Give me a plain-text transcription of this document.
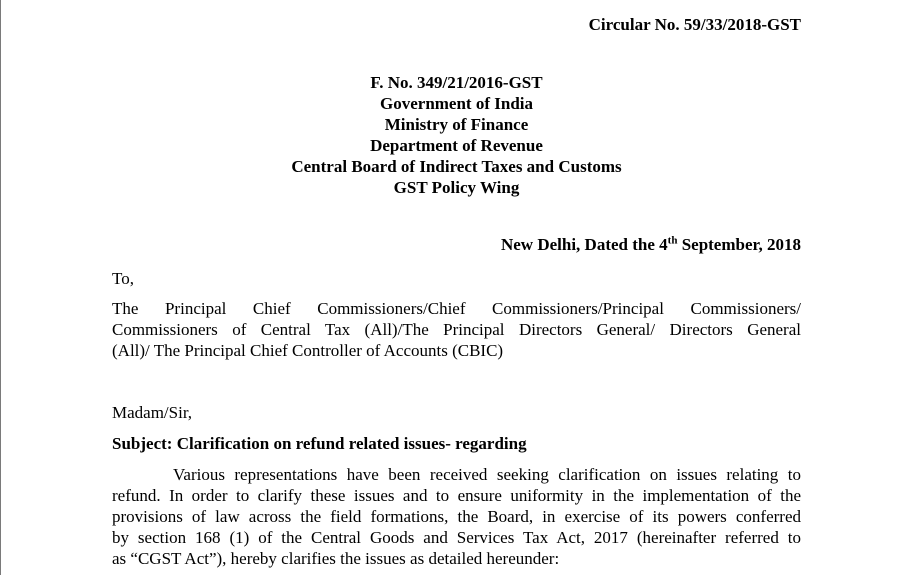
Circular No. 59/33/2018-GST
F. No. 349/21/2016-GST
Government of India
Ministry of Finance
Department of Revenue
Central Board of Indirect Taxes and Customs
GST Policy Wing
New Delhi, Dated the 4th September, 2018
To,
The Principal Chief Commissioners/Chief Commissioners/Principal Commissioners/
Commissioners of Central Tax (All)/The Principal Directors General/ Directors General
(All)/ The Principal Chief Controller of Accounts (CBIC)
Madam/Sir,
Subject: Clarification on refund related issues- regarding
Various representations have been received seeking clarification on issues relating to
refund. In order to clarify these issues and to ensure uniformity in the implementation of the
provisions of law across the field formations, the Board, in exercise of its powers conferred
by section 168 (1) of the Central Goods and Services Tax Act, 2017 (hereinafter referred to
as “CGST Act”), hereby clarifies the issues as detailed hereunder:
